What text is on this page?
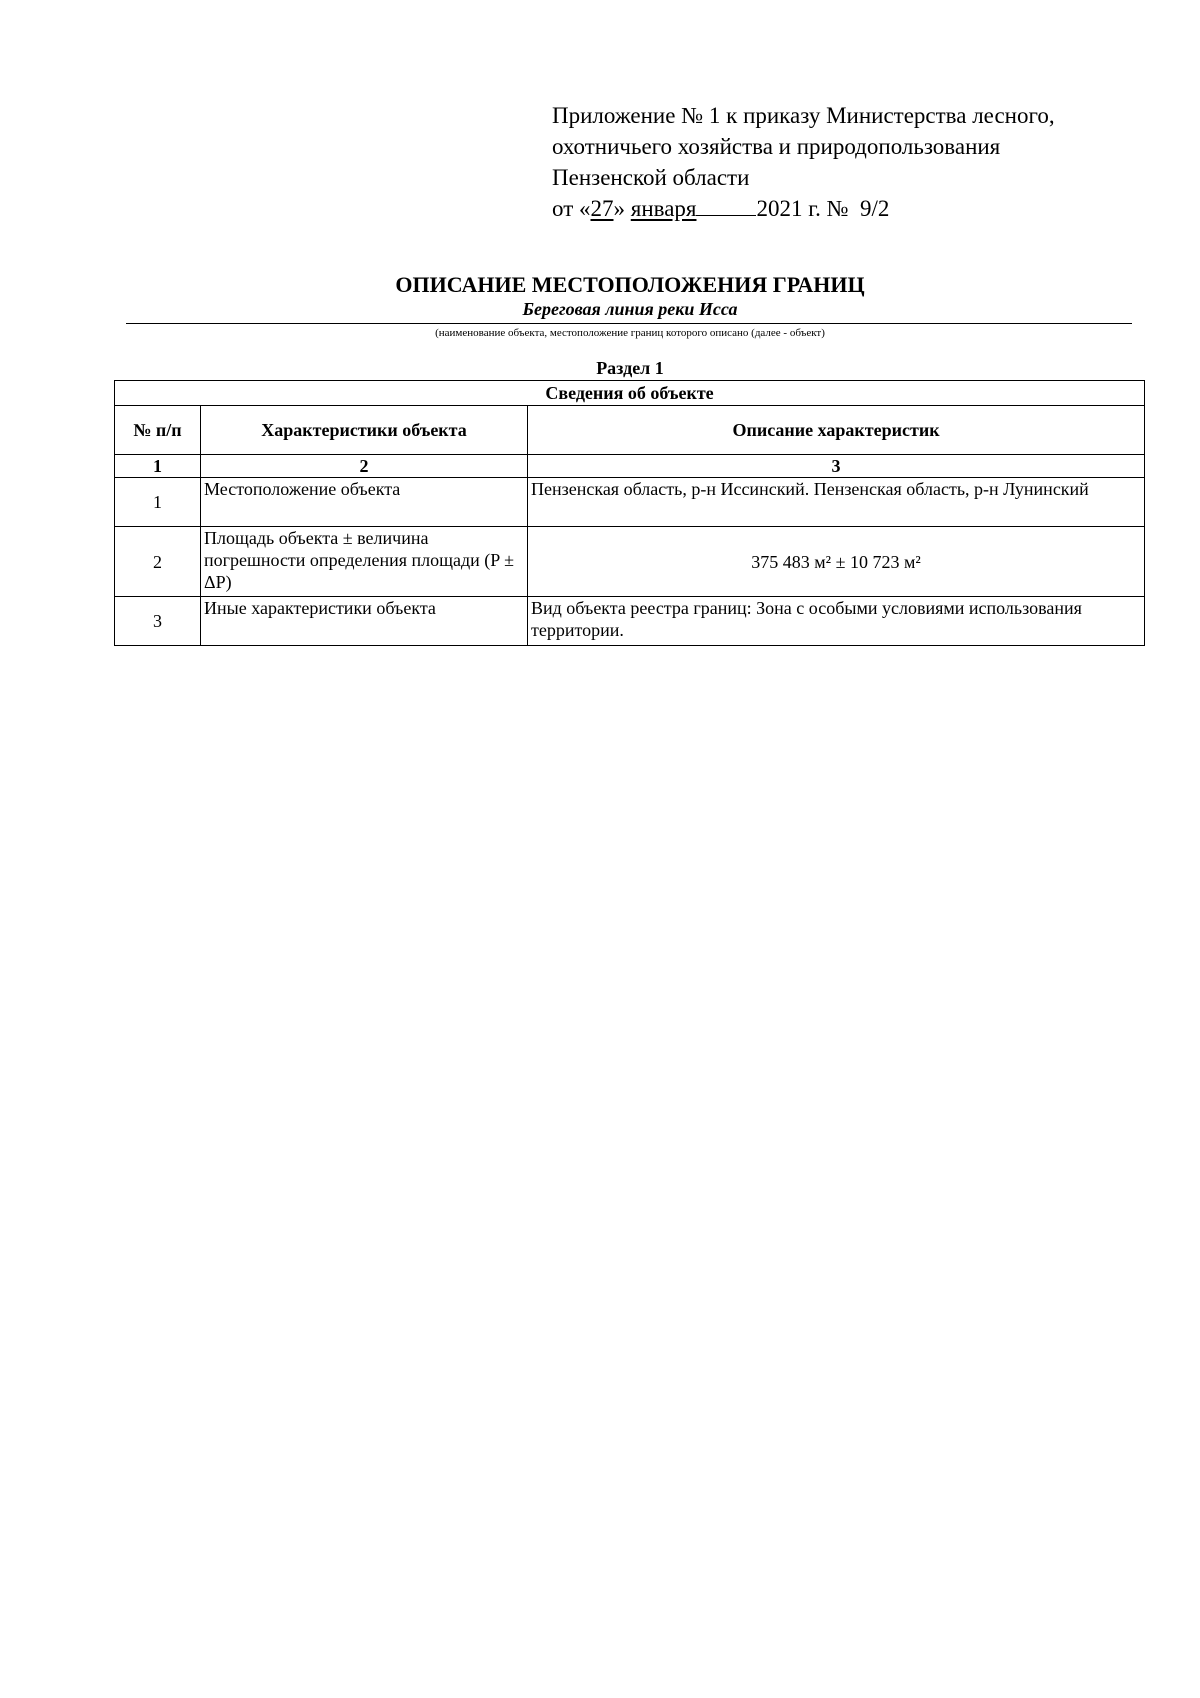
Приложение № 1 к приказу Министерства лесного,
охотничьего хозяйства и природопользования
Пензенской области
от «27» января	2021 г. № 9/2
ОПИСАНИЕ МЕСТОПОЛОЖЕНИЯ ГРАНИЦ
Береговая линия реки Исса
(наименование объекта, местоположение границ которого описано (далее - объект)
Раздел 1
Сведения об объекте		
№ п/п	Характеристики объекта	Описание характеристик
1	2	3
1	Местоположение объекта	Пензенская область, р-н Иссинский. Пензенская область, р-н Лунинский
2	Площадь объекта ± величина погрешности определения площади (P ± ΔP)	375 483 м² ± 10 723 м²
3	Иные характеристики объекта	Вид объекта реестра границ: Зона с особыми условиями использования территории.
